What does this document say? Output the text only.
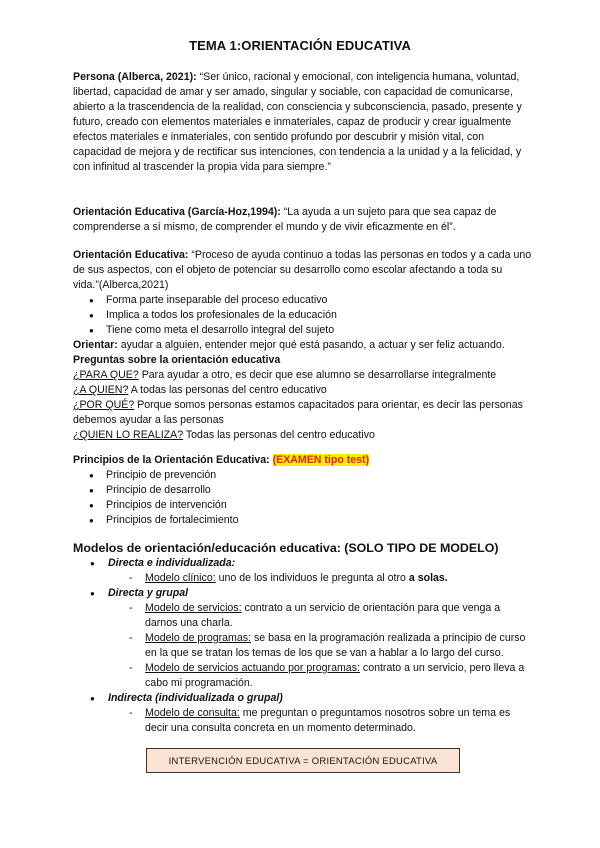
TEMA 1:ORIENTACIÓN EDUCATIVA

Persona (Alberca, 2021): “Ser único, racional y emocional, con inteligencia humana, voluntad, libertad, capacidad de amar y ser amado, singular y sociable, con capacidad de comunicarse, abierto a la trascendencia de la realidad, con consciencia y subconsciencia, pasado, presente y futuro, creado con elementos materiales e inmateriales, capaz de producir y crear igualmente efectos materiales e inmateriales, con sentido profundo por descubrir y misión vital, con capacidad de mejora y de rectificar sus intenciones, con tendencia a la unidad y a la felicidad, y con infinitud al trascender la propia vida para siempre.”

Orientación Educativa (García-Hoz,1994): “La ayuda a un sujeto para que sea capaz de comprenderse a sí mismo, de comprender el mundo y de vivir eficazmente en él”.

Orientación Educativa: “Proceso de ayuda continuo a todas las personas en todos y a cada uno de sus aspectos, con el objeto de potenciar su desarrollo como escolar afectando a toda su vida.”(Alberca,2021)

● Forma parte inseparable del proceso educativo
● Implica a todos los profesionales de la educación
● Tiene como meta el desarrollo integral del sujeto

Orientar: ayudar a alguien, entender mejor qué está pasando, a actuar y ser feliz actuando.

Preguntas sobre la orientación educativa

¿PARA QUE? Para ayudar a otro, es decir que ese alumno se desarrollarse integralmente

¿A QUIEN? A todas las personas del centro educativo

¿POR QUÉ? Porque somos personas estamos capacitados para orientar, es decir las personas debemos ayudar a las personas

¿QUIEN LO REALIZA? Todas las personas del centro educativo

Principios de la Orientación Educativa: (EXAMEN tipo test)

● Principio de prevención
● Principio de desarrollo
● Principios de intervención
● Principios de fortalecimiento

Modelos de orientación/educación educativa: (SOLO TIPO DE MODELO)

● Directa e individualizada:

- Modelo clínico: uno de los individuos le pregunta al otro a solas.

● Directa y grupal

- Modelo de servicios: contrato a un servicio de orientación para que venga a darnos una charla.

- Modelo de programas: se basa en la programación realizada a principio de curso en la que se tratan los temas de los que se van a hablar a lo largo del curso.

- Modelo de servicios actuando por programas: contrato a un servicio, pero lleva a cabo mi programación.

● Indirecta (individualizada o grupal)

- Modelo de consulta: me preguntan o preguntamos nosotros sobre un tema es decir una consulta concreta en un momento determinado.

INTERVENCIÓN EDUCATIVA = ORIENTACIÓN EDUCATIVA
